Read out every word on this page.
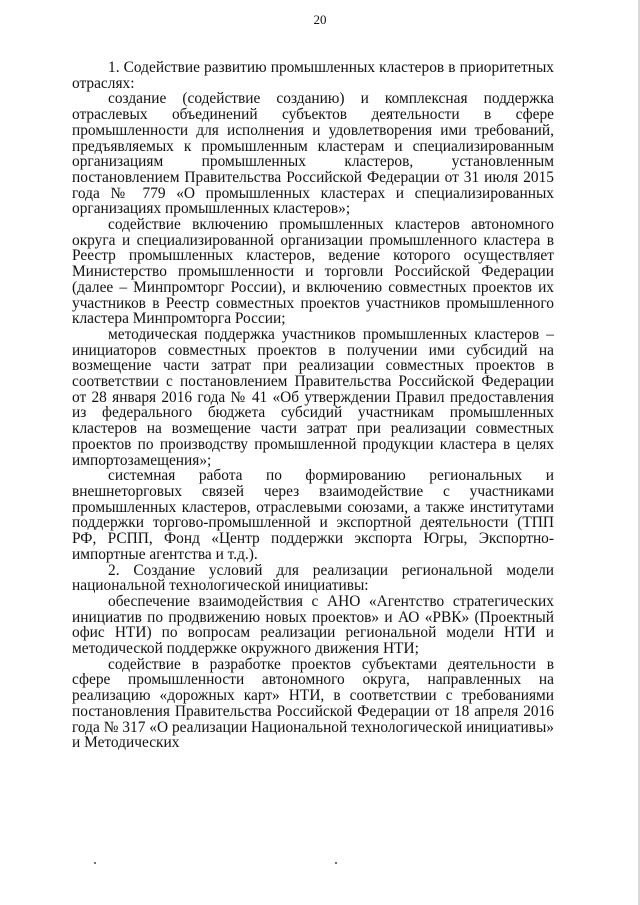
20

1. Содействие развитию промышленных кластеров в приоритетных отраслях:

создание (содействие созданию) и комплексная поддержка отраслевых объединений субъектов деятельности в сфере промышленности для исполнения и удовлетворения ими требований, предъявляемых к промышленным кластерам и специализированным организациям промышленных кластеров, установленным постановлением Правительства Российской Федерации от 31 июля 2015 года № 779 «О промышленных кластерах и специализированных организациях промышленных кластеров»;

содействие включению промышленных кластеров автономного округа и специализированной организации промышленного кластера в Реестр промышленных кластеров, ведение которого осуществляет Министерство промышленности и торговли Российской Федерации (далее – Минпромторг России), и включению совместных проектов их участников в Реестр совместных проектов участников промышленного кластера Минпромторга России;

методическая поддержка участников промышленных кластеров – инициаторов совместных проектов в получении ими субсидий на возмещение части затрат при реализации совместных проектов в соответствии с постановлением Правительства Российской Федерации от 28 января 2016 года № 41 «Об утверждении Правил предоставления из федерального бюджета субсидий участникам промышленных кластеров на возмещение части затрат при реализации совместных проектов по производству промышленной продукции кластера в целях импортозамещения»;

системная работа по формированию региональных и внешнеторговых связей через взаимодействие с участниками промышленных кластеров, отраслевыми союзами, а также институтами поддержки торгово-промышленной и экспортной деятельности (ТПП РФ, РСПП, Фонд «Центр поддержки экспорта Югры, Экспортно-импортные агентства и т.д.).

2. Создание условий для реализации региональной модели национальной технологической инициативы:

обеспечение взаимодействия с АНО «Агентство стратегических инициатив по продвижению новых проектов» и АО «РВК» (Проектный офис НТИ) по вопросам реализации региональной модели НТИ и методической поддержке окружного движения НТИ;

содействие в разработке проектов субъектами деятельности в сфере промышленности автономного округа, направленных на реализацию «дорожных карт» НТИ, в соответствии с требованиями постановления Правительства Российской Федерации от 18 апреля 2016 года № 317 «О реализации Национальной технологической инициативы» и Методических
